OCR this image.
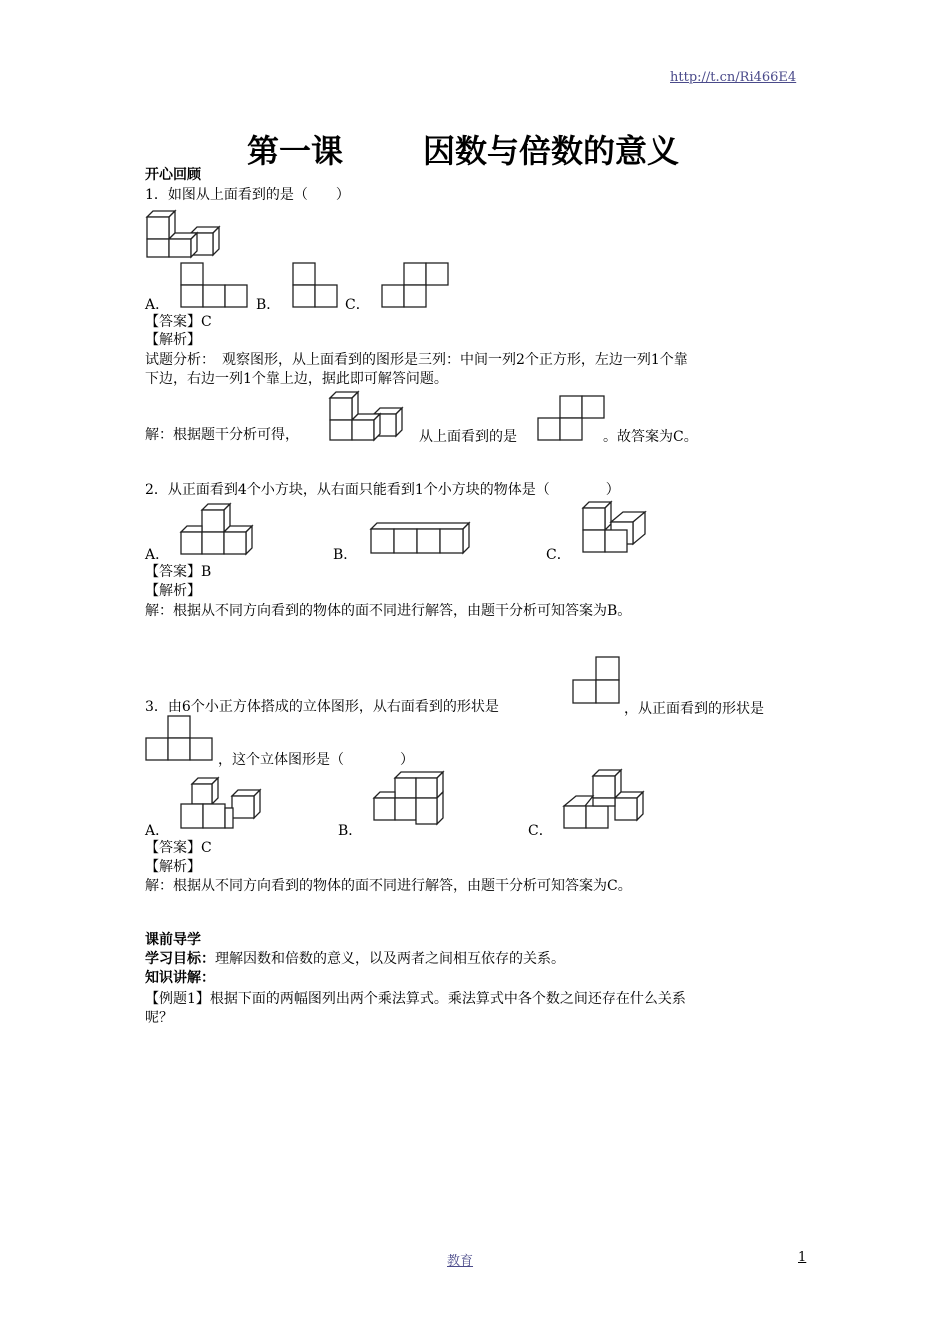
http://t.cn/Ri466E4
第一课 因数与倍数的意义
开心回顾
1．如图从上面看到的是（　　）
A．	B．	C．
【答案】C
【解析】
试题分析：　观察图形，从上面看到的图形是三列：中间一列2个正方形，左边一列1个靠
下边，右边一列1个靠上边，据此即可解答问题。
解：根据题干分析可得，	从上面看到的是	。故答案为C。
2．从正面看到4个小方块，从右面只能看到1个小方块的物体是（　　　　）
A．	B．	C．
【答案】B
【解析】
解：根据从不同方向看到的物体的面不同进行解答，由题干分析可知答案为B。
3．由6个小正方体搭成的立体图形，从右面看到的形状是	，从正面看到的形状是
，这个立体图形是（　　　　）
A．	B．	C．
【答案】C
【解析】
解：根据从不同方向看到的物体的面不同进行解答，由题干分析可知答案为C。
课前导学
学习目标：理解因数和倍数的意义，以及两者之间相互依存的关系。
知识讲解：
【例题1】根据下面的两幅图列出两个乘法算式。乘法算式中各个数之间还存在什么关系
呢？
教育	1
